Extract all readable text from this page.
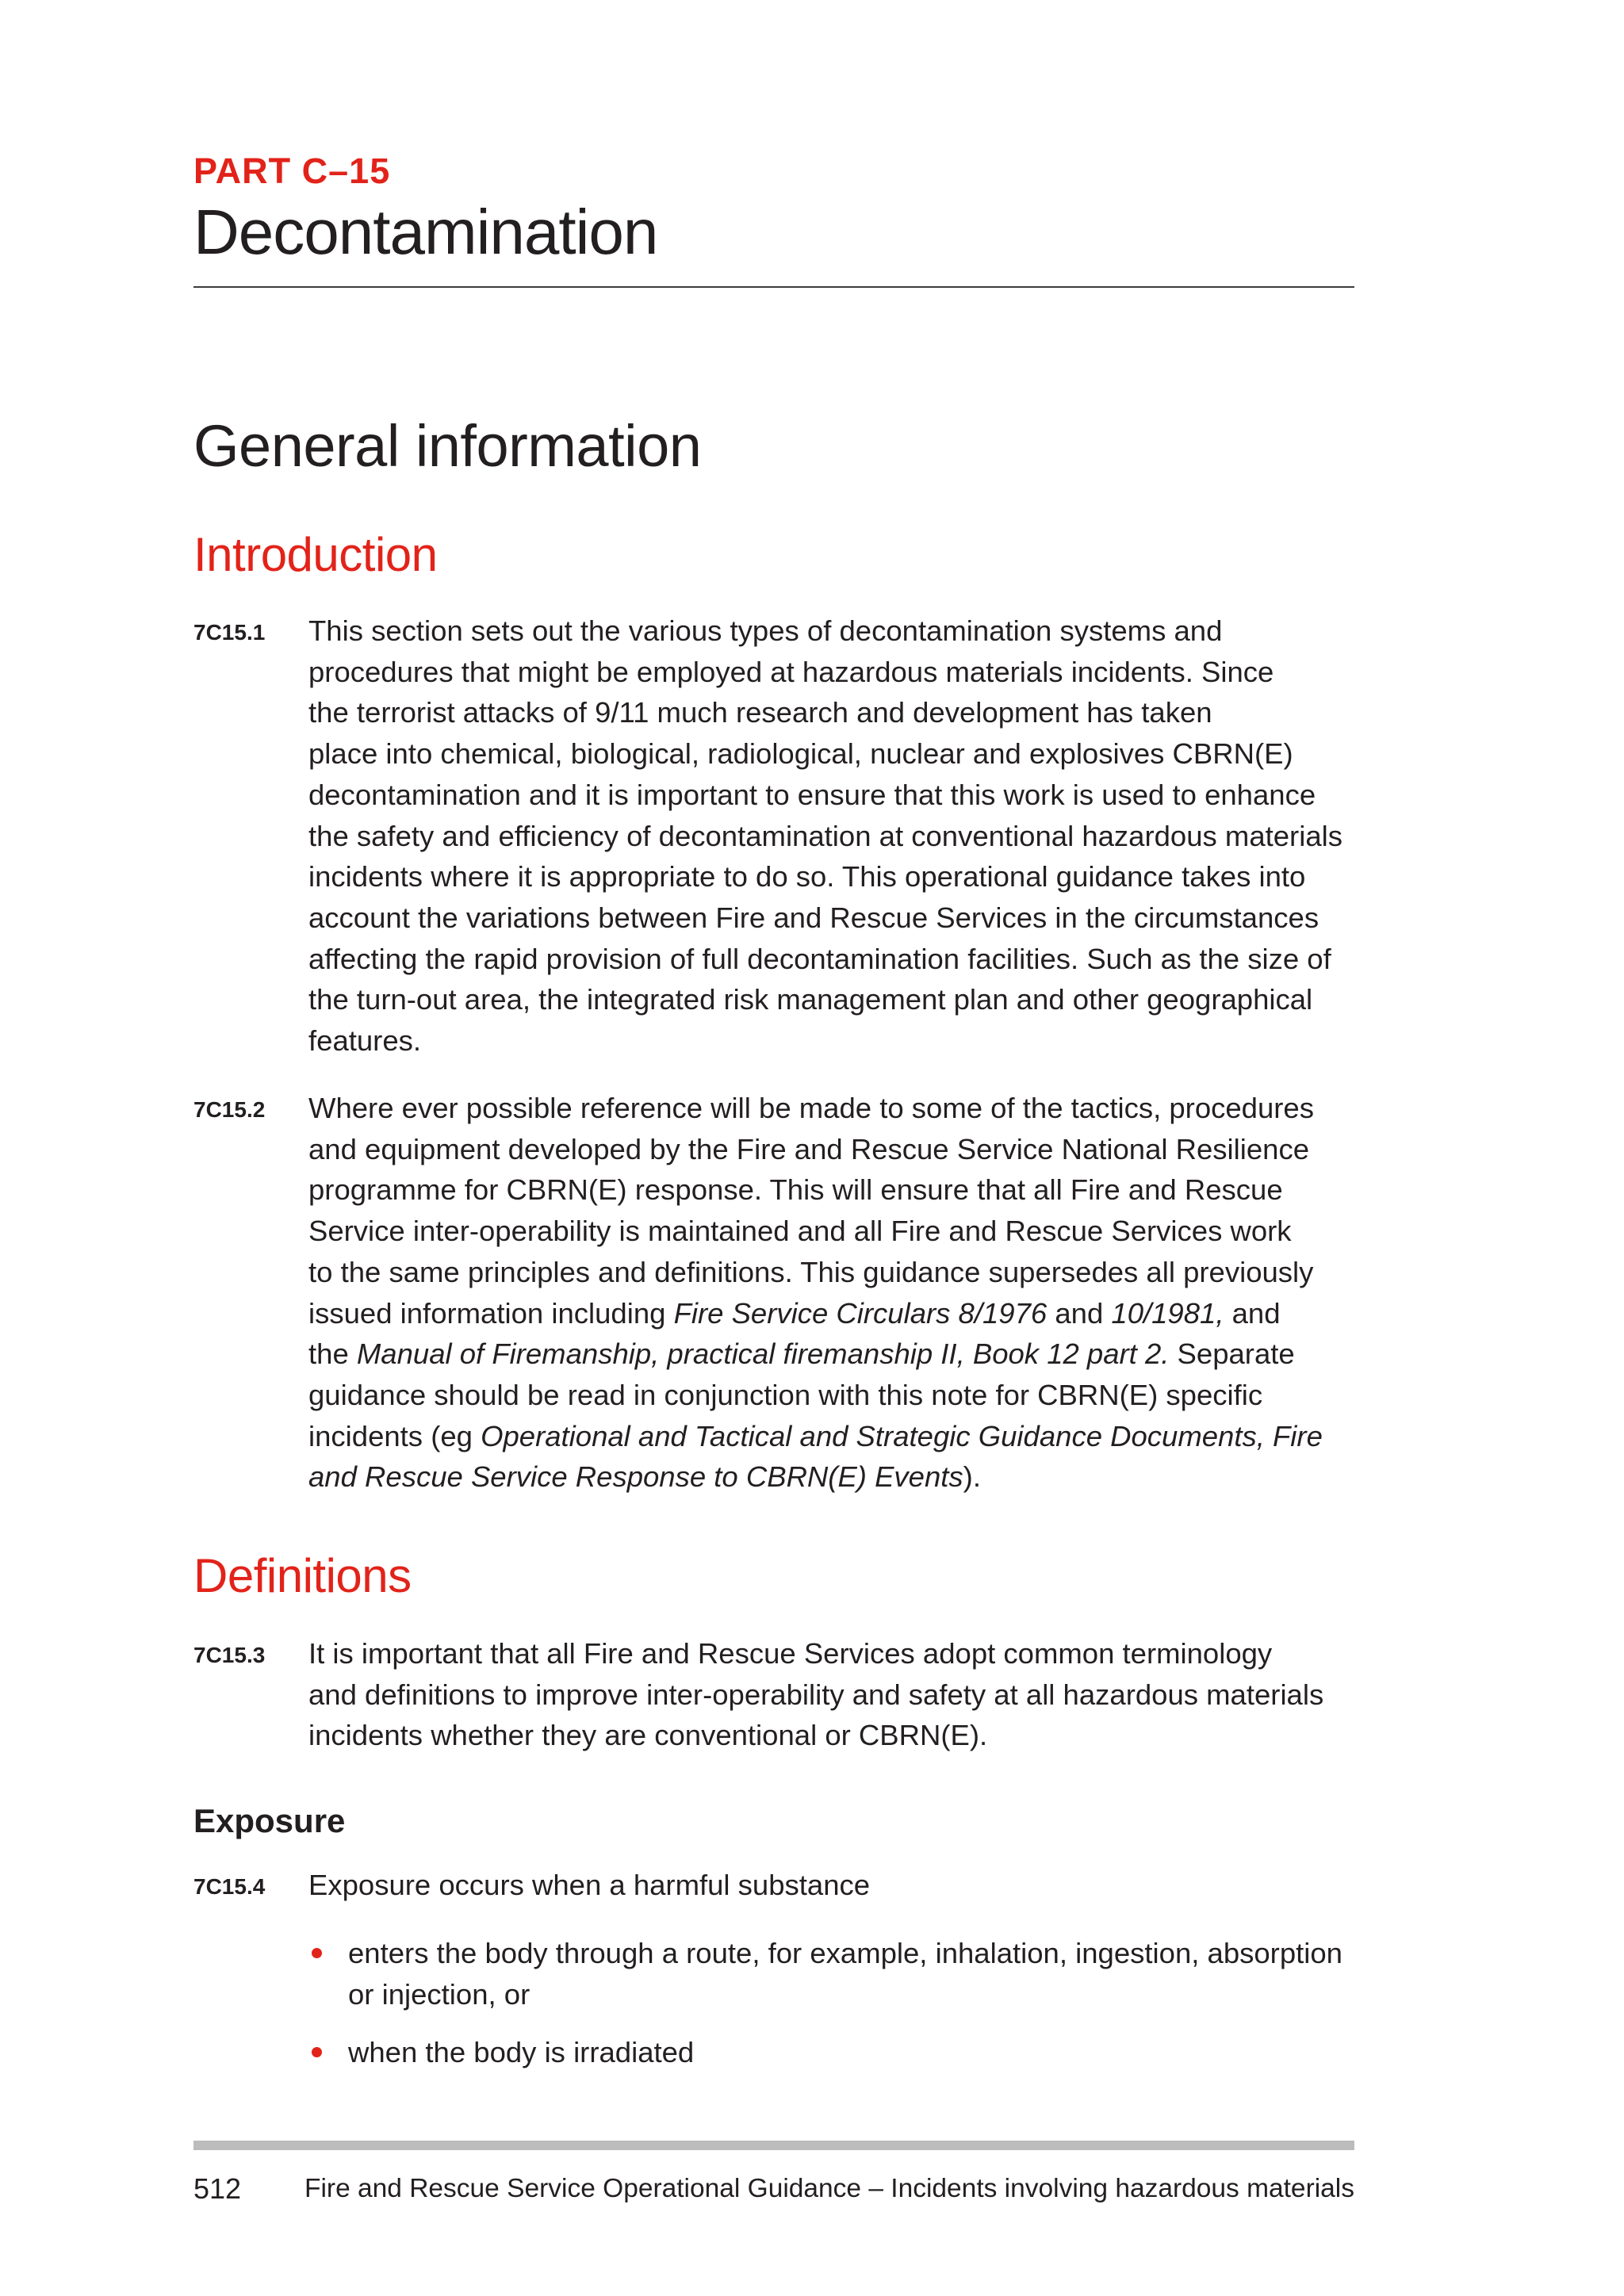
PART C–15
Decontamination
General information
Introduction
7C15.1 This section sets out the various types of decontamination systems and
procedures that might be employed at hazardous materials incidents. Since
the terrorist attacks of 9/11 much research and development has taken
place into chemical, biological, radiological, nuclear and explosives CBRN(E)
decontamination and it is important to ensure that this work is used to enhance
the safety and efficiency of decontamination at conventional hazardous materials
incidents where it is appropriate to do so. This operational guidance takes into
account the variations between Fire and Rescue Services in the circumstances
affecting the rapid provision of full decontamination facilities. Such as the size of
the turn-out area, the integrated risk management plan and other geographical
features.
7C15.2 Where ever possible reference will be made to some of the tactics, procedures
and equipment developed by the Fire and Rescue Service National Resilience
programme for CBRN(E) response. This will ensure that all Fire and Rescue
Service inter-operability is maintained and all Fire and Rescue Services work
to the same principles and definitions. This guidance supersedes all previously
issued information including Fire Service Circulars 8/1976 and 10/1981, and
the Manual of Firemanship, practical firemanship II, Book 12 part 2. Separate
guidance should be read in conjunction with this note for CBRN(E) specific
incidents (eg Operational and Tactical and Strategic Guidance Documents, Fire
and Rescue Service Response to CBRN(E) Events).
Definitions
7C15.3 It is important that all Fire and Rescue Services adopt common terminology
and definitions to improve inter-operability and safety at all hazardous materials
incidents whether they are conventional or CBRN(E).
Exposure
7C15.4 Exposure occurs when a harmful substance
enters the body through a route, for example, inhalation, ingestion, absorption
or injection, or
when the body is irradiated
512 Fire and Rescue Service Operational Guidance – Incidents involving hazardous materials
